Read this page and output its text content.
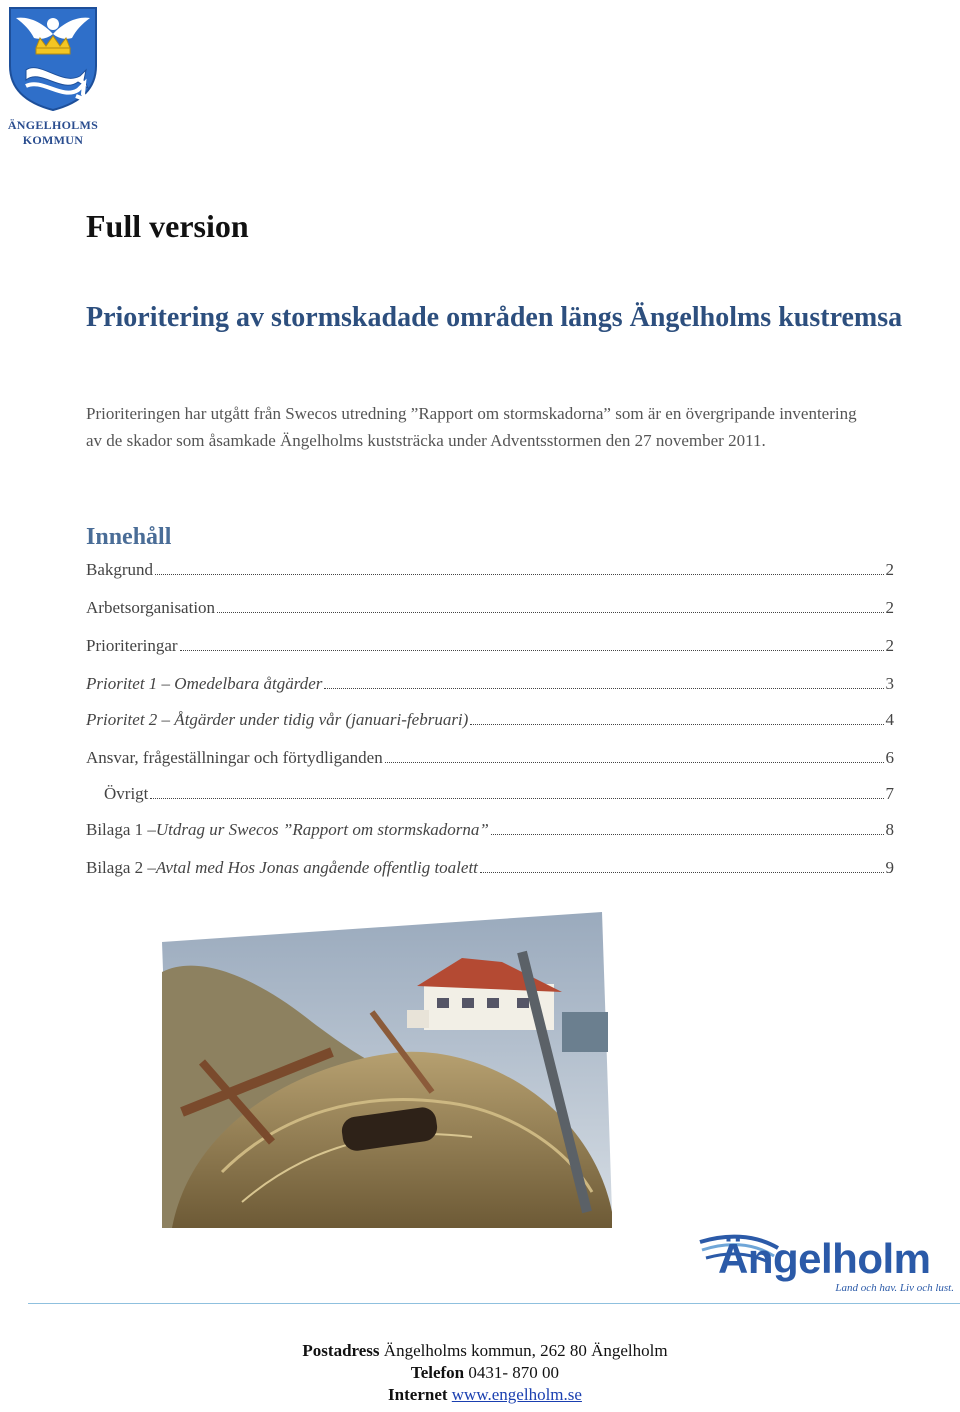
ÄNGELHOLMS
KOMMUN
Full version
Prioritering av stormskadade områden längs Ängelholms kustremsa
Prioriteringen har utgått från Swecos utredning ”Rapport om stormskadorna” som är en övergripande inventering av de skador som åsamkade Ängelholms kuststräcka under Adventsstormen den 27 november 2011.
Innehåll
Bakgrund	2
Arbetsorganisation	2
Prioriteringar	2
Prioritet 1 – Omedelbara åtgärder	3
Prioritet 2 – Åtgärder under tidig vår (januari-februari)	4
Ansvar, frågeställningar och förtydliganden	6
Övrigt	7
Bilaga 1 – Utdrag ur Swecos ”Rapport om stormskadorna”	8
Bilaga 2 – Avtal med Hos Jonas angående offentlig toalett	9
Ängelholm
Land och hav. Liv och lust.
Postadress Ängelholms kommun, 262 80 Ängelholm
Telefon 0431- 870 00
Internet www.engelholm.se
